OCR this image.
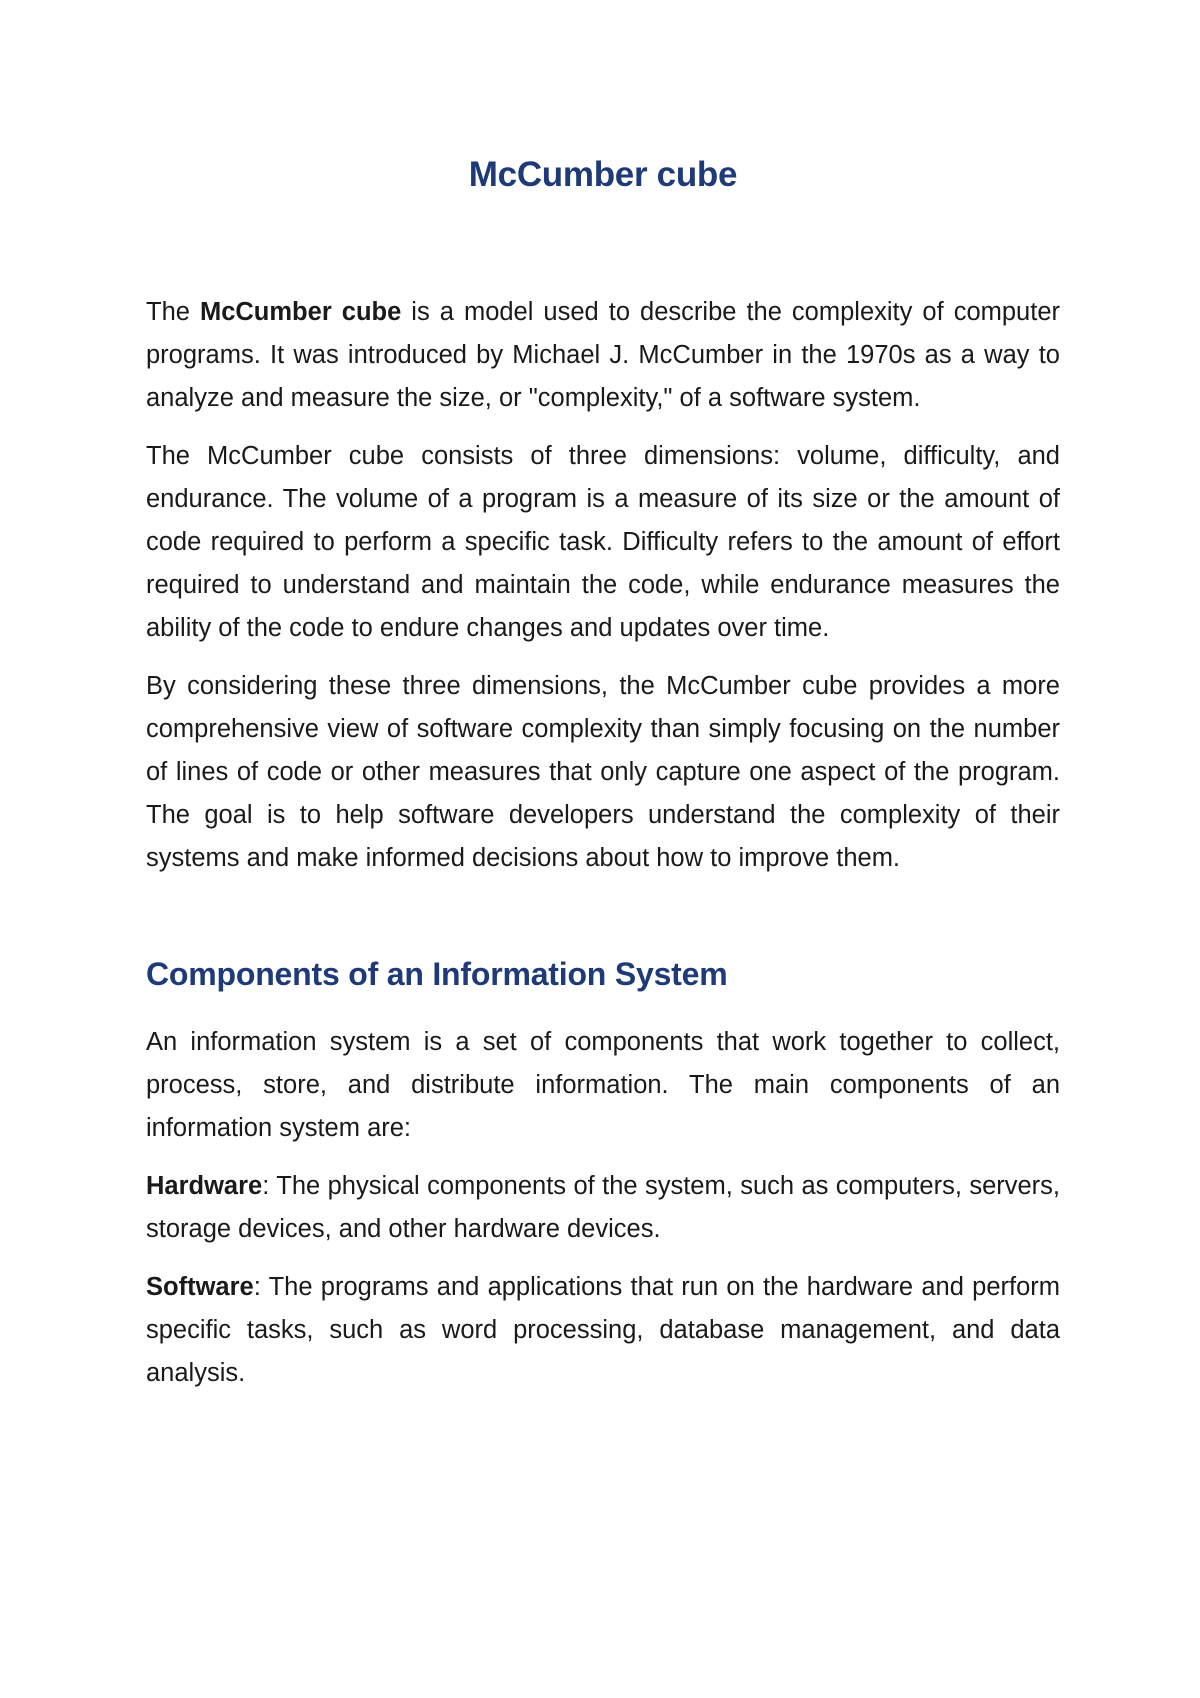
McCumber cube

The McCumber cube is a model used to describe the complexity of computer programs. It was introduced by Michael J. McCumber in the 1970s as a way to analyze and measure the size, or "complexity," of a software system.

The McCumber cube consists of three dimensions: volume, difficulty, and endurance. The volume of a program is a measure of its size or the amount of code required to perform a specific task. Difficulty refers to the amount of effort required to understand and maintain the code, while endurance measures the ability of the code to endure changes and updates over time.

By considering these three dimensions, the McCumber cube provides a more comprehensive view of software complexity than simply focusing on the number of lines of code or other measures that only capture one aspect of the program. The goal is to help software developers understand the complexity of their systems and make informed decisions about how to improve them.

Components of an Information System

An information system is a set of components that work together to collect, process, store, and distribute information. The main components of an information system are:

Hardware: The physical components of the system, such as computers, servers, storage devices, and other hardware devices.

Software: The programs and applications that run on the hardware and perform specific tasks, such as word processing, database management, and data analysis.
